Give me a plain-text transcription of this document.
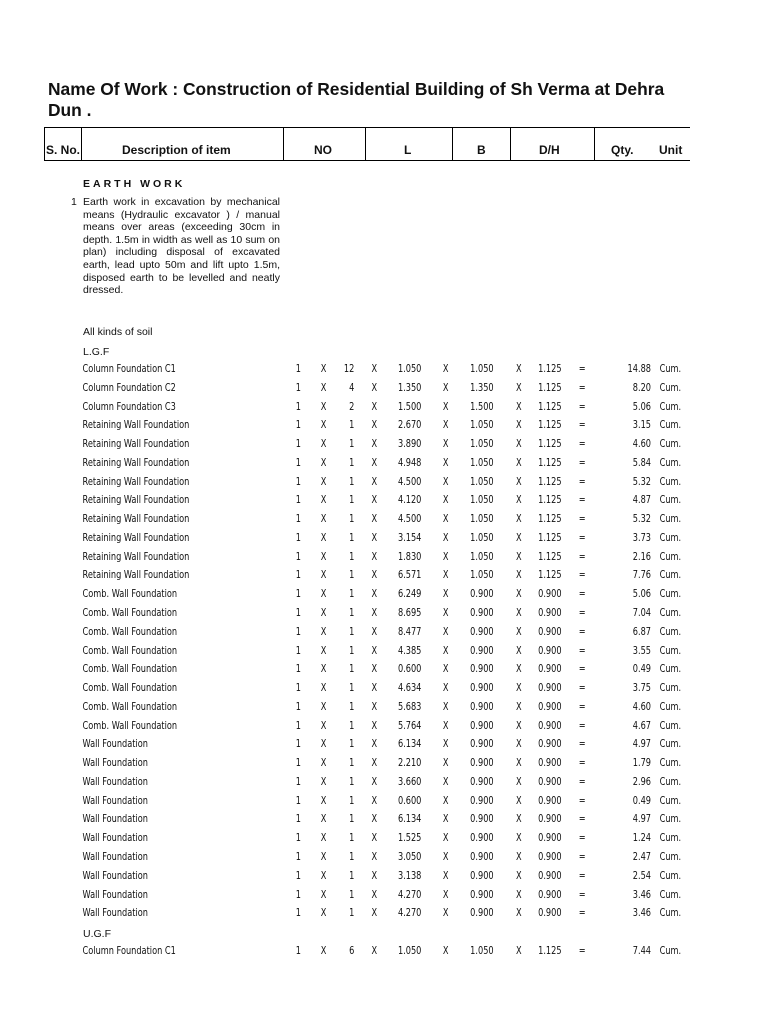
Name Of Work : Construction of Residential Building of Sh Verma at Dehra Dun .
S. No.	Description of item	NO	L	B	D/H	Qty. Unit
EARTH WORK
1 Earth work in excavation by mechanical means (Hydraulic excavator ) / manual means over areas (exceeding 30cm in depth. 1.5m in width as well as 10 sum on plan) including disposal of excavated earth, lead upto 50m and lift upto 1.5m, disposed earth to be levelled and neatly dressed.
All kinds of soil
L.G.F
Column Foundation C1	1 X 12 X 1.050 X 1.050 X 1.125 =	14.88 Cum.
Column Foundation C2	1 X	4 X 1.350 X 1.350 X 1.125 =	8.20 Cum.
Column Foundation C3	1 X	2 X 1.500 X 1.500 X 1.125 =	5.06 Cum.
Retaining Wall Foundation	1 X	1 X 2.670 X 1.050 X 1.125 =	3.15 Cum.
Retaining Wall Foundation	1 X	1 X 3.890 X 1.050 X 1.125 =	4.60 Cum.
Retaining Wall Foundation	1 X	1 X 4.948 X 1.050 X 1.125 =	5.84 Cum.
Retaining Wall Foundation	1 X	1 X 4.500 X 1.050 X 1.125 =	5.32 Cum.
Retaining Wall Foundation	1 X	1 X 4.120 X 1.050 X 1.125 =	4.87 Cum.
Retaining Wall Foundation	1 X	1 X 4.500 X 1.050 X 1.125 =	5.32 Cum.
Retaining Wall Foundation	1 X	1 X 3.154 X 1.050 X 1.125 =	3.73 Cum.
Retaining Wall Foundation	1 X	1 X 1.830 X 1.050 X 1.125 =	2.16 Cum.
Retaining Wall Foundation	1 X	1 X 6.571 X 1.050 X 1.125 =	7.76 Cum.
Comb. Wall Foundation	1 X	1 X 6.249 X 0.900 X 0.900 =	5.06 Cum.
Comb. Wall Foundation	1 X	1 X 8.695 X 0.900 X 0.900 =	7.04 Cum.
Comb. Wall Foundation	1 X	1 X 8.477 X 0.900 X 0.900 =	6.87 Cum.
Comb. Wall Foundation	1 X	1 X 4.385 X 0.900 X 0.900 =	3.55 Cum.
Comb. Wall Foundation	1 X	1 X 0.600 X 0.900 X 0.900 =	0.49 Cum.
Comb. Wall Foundation	1 X	1 X 4.634 X 0.900 X 0.900 =	3.75 Cum.
Comb. Wall Foundation	1 X	1 X 5.683 X 0.900 X 0.900 =	4.60 Cum.
Comb. Wall Foundation	1 X	1 X 5.764 X 0.900 X 0.900 =	4.67 Cum.
Wall Foundation	1 X	1 X 6.134 X 0.900 X 0.900 =	4.97 Cum.
Wall Foundation	1 X	1 X 2.210 X 0.900 X 0.900 =	1.79 Cum.
Wall Foundation	1 X	1 X 3.660 X 0.900 X 0.900 =	2.96 Cum.
Wall Foundation	1 X	1 X 0.600 X 0.900 X 0.900 =	0.49 Cum.
Wall Foundation	1 X	1 X 6.134 X 0.900 X 0.900 =	4.97 Cum.
Wall Foundation	1 X	1 X 1.525 X 0.900 X 0.900 =	1.24 Cum.
Wall Foundation	1 X	1 X 3.050 X 0.900 X 0.900 =	2.47 Cum.
Wall Foundation	1 X	1 X 3.138 X 0.900 X 0.900 =	2.54 Cum.
Wall Foundation	1 X	1 X 4.270 X 0.900 X 0.900 =	3.46 Cum.
Wall Foundation	1 X	1 X 4.270 X 0.900 X 0.900 =	3.46 Cum.
U.G.F
Column Foundation C1	1 X	6 X 1.050 X 1.050 X 1.125 =	7.44 Cum.
